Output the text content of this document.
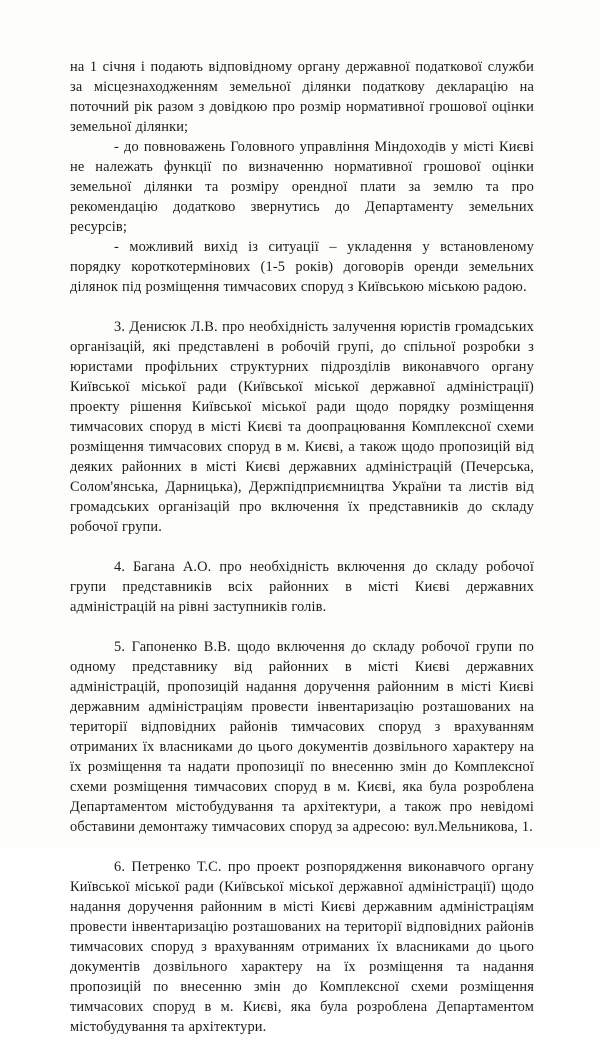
на 1 січня і подають відповідному органу державної податкової служби за місцезнаходженням земельної ділянки податкову декларацію на поточний рік разом з довідкою про розмір нормативної грошової оцінки земельної ділянки;

- до повноважень Головного управління Міндоходів у місті Києві не належать функції по визначенню нормативної грошової оцінки земельної ділянки та розміру орендної плати за землю та про рекомендацію додатково звернутись до Департаменту земельних ресурсів;

- можливий вихід із ситуації – укладення у встановленому порядку короткотермінових (1-5 років) договорів оренди земельних ділянок під розміщення тимчасових споруд з Київською міською радою.

3. Денисюк Л.В. про необхідність залучення юристів громадських організацій, які представлені в робочій групі, до спільної розробки з юристами профільних структурних підрозділів виконавчого органу Київської міської ради (Київської міської державної адміністрації) проекту рішення Київської міської ради щодо порядку розміщення тимчасових споруд в місті Києві та доопрацювання Комплексної схеми розміщення тимчасових споруд в м. Києві, а також щодо пропозицій від деяких районних в місті Києві державних адміністрацій (Печерська, Солом'янська, Дарницька), Держпідприємництва України та листів від громадських організацій про включення їх представників до складу робочої групи.

4. Багана А.О. про необхідність включення до складу робочої групи представників всіх районних в місті Києві державних адміністрацій на рівні заступників голів.

5. Гапоненко В.В. щодо включення до складу робочої групи по одному представнику від районних в місті Києві державних адміністрацій, пропозицій надання доручення районним в місті Києві державним адміністраціям провести інвентаризацію розташованих на території відповідних районів тимчасових споруд з врахуванням отриманих їх власниками до цього документів дозвільного характеру на їх розміщення та надати пропозиції по внесенню змін до Комплексної схеми розміщення тимчасових споруд в м. Києві, яка була розроблена Департаментом містобудування та архітектури, а також про невідомі обставини демонтажу тимчасових споруд за адресою: вул.Мельникова, 1.

6. Петренко Т.С. про проект розпорядження виконавчого органу Київської міської ради (Київської міської державної адміністрації) щодо надання доручення районним в місті Києві державним адміністраціям провести інвентаризацію розташованих на території відповідних районів тимчасових споруд з врахуванням отриманих їх власниками до цього документів дозвільного характеру на їх розміщення та надання пропозицій по внесенню змін до Комплексної схеми розміщення тимчасових споруд в м. Києві, яка була розроблена Департаментом містобудування та архітектури.
